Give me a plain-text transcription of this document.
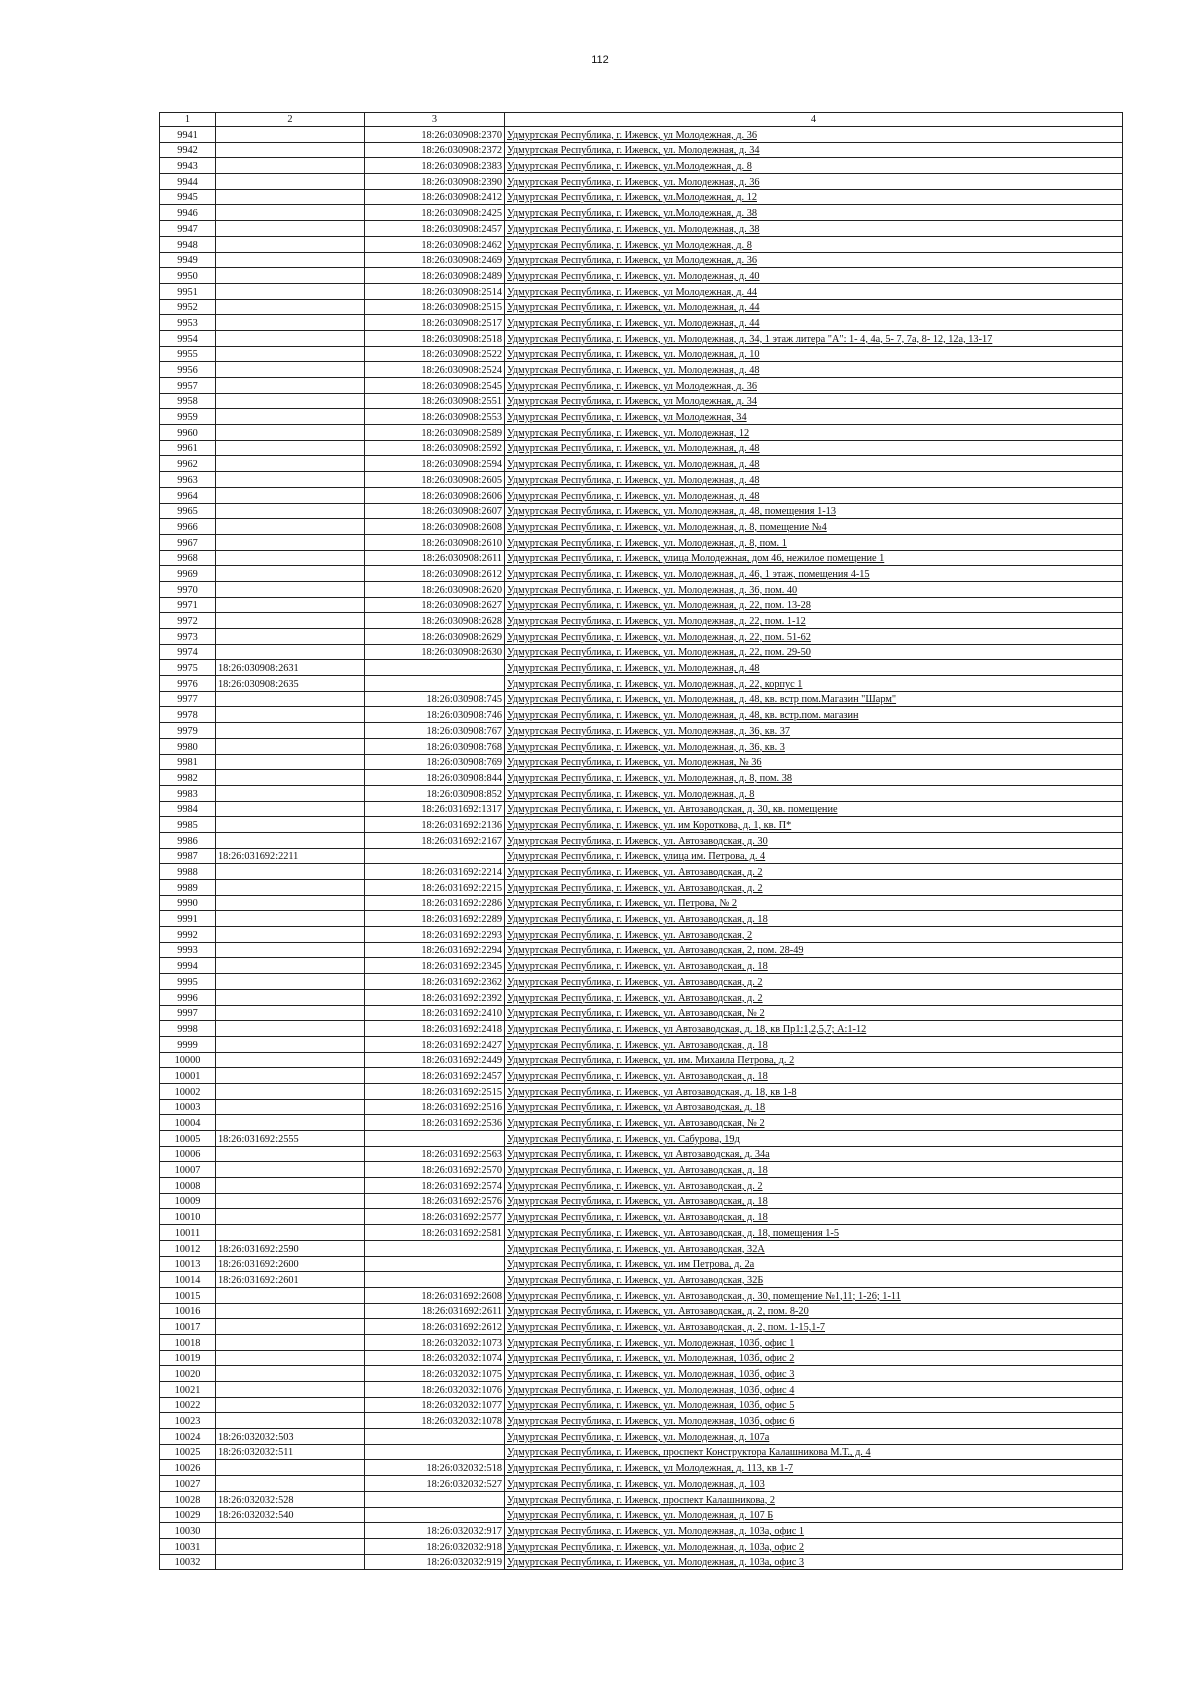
112
1	2	3	4
9941		18:26:030908:2370	Удмуртская Республика, г. Ижевск, ул Молодежная, д. 36
9942		18:26:030908:2372	Удмуртская Республика, г. Ижевск, ул. Молодежная, д. 34
9943		18:26:030908:2383	Удмуртская Республика, г. Ижевск, ул.Молодежная, д. 8
9944		18:26:030908:2390	Удмуртская Республика, г. Ижевск, ул. Молодежная, д. 36
9945		18:26:030908:2412	Удмуртская Республика, г. Ижевск, ул.Молодежная, д. 12
9946		18:26:030908:2425	Удмуртская Республика, г. Ижевск, ул.Молодежная, д. 38
9947		18:26:030908:2457	Удмуртская Республика, г. Ижевск, ул. Молодежная, д. 38
9948		18:26:030908:2462	Удмуртская Республика, г. Ижевск, ул Молодежная, д. 8
9949		18:26:030908:2469	Удмуртская Республика, г. Ижевск, ул Молодежная, д. 36
9950		18:26:030908:2489	Удмуртская Республика, г. Ижевск, ул. Молодежная, д. 40
9951		18:26:030908:2514	Удмуртская Республика, г. Ижевск, ул Молодежная, д. 44
9952		18:26:030908:2515	Удмуртская Республика, г. Ижевск, ул. Молодежная, д. 44
9953		18:26:030908:2517	Удмуртская Республика, г. Ижевск, ул. Молодежная, д. 44
9954		18:26:030908:2518	Удмуртская Республика, г. Ижевск, ул. Молодежная, д. 34, 1 этаж литера "А": 1- 4, 4а, 5- 7, 7а, 8- 12, 12а, 13-17
9955		18:26:030908:2522	Удмуртская Республика, г. Ижевск, ул. Молодежная, д. 10
9956		18:26:030908:2524	Удмуртская Республика, г. Ижевск, ул. Молодежная, д. 48
9957		18:26:030908:2545	Удмуртская Республика, г. Ижевск, ул Молодежная, д. 36
9958		18:26:030908:2551	Удмуртская Республика, г. Ижевск, ул Молодежная, д. 34
9959		18:26:030908:2553	Удмуртская Республика, г. Ижевск, ул Молодежная, 34
9960		18:26:030908:2589	Удмуртская Республика, г. Ижевск, ул. Молодежная, 12
9961		18:26:030908:2592	Удмуртская Республика, г. Ижевск, ул. Молодежная, д. 48
9962		18:26:030908:2594	Удмуртская Республика, г. Ижевск, ул. Молодежная, д. 48
9963		18:26:030908:2605	Удмуртская Республика, г. Ижевск, ул. Молодежная, д. 48
9964		18:26:030908:2606	Удмуртская Республика, г. Ижевск, ул. Молодежная, д. 48
9965		18:26:030908:2607	Удмуртская Республика, г. Ижевск, ул. Молодежная, д. 48, помещения 1-13
9966		18:26:030908:2608	Удмуртская Республика, г. Ижевск, ул. Молодежная, д. 8, помещение №4
9967		18:26:030908:2610	Удмуртская Республика, г. Ижевск, ул. Молодежная, д. 8, пом. 1
9968		18:26:030908:2611	Удмуртская Республика, г. Ижевск, улица Молодежная, дом 46, нежилое помещение 1
9969		18:26:030908:2612	Удмуртская Республика, г. Ижевск, ул. Молодежная, д. 46, 1 этаж, помещения 4-15
9970		18:26:030908:2620	Удмуртская Республика, г. Ижевск, ул. Молодежная, д. 36, пом. 40
9971		18:26:030908:2627	Удмуртская Республика, г. Ижевск, ул. Молодежная, д. 22, пом. 13-28
9972		18:26:030908:2628	Удмуртская Республика, г. Ижевск, ул. Молодежная, д. 22, пом. 1-12
9973		18:26:030908:2629	Удмуртская Республика, г. Ижевск, ул. Молодежная, д. 22, пом. 51-62
9974		18:26:030908:2630	Удмуртская Республика, г. Ижевск, ул. Молодежная, д. 22, пом. 29-50
9975	18:26:030908:2631		Удмуртская Республика, г. Ижевск, ул. Молодежная, д. 48
9976	18:26:030908:2635		Удмуртская Республика, г. Ижевск, ул. Молодежная, д. 22, корпус 1
9977		18:26:030908:745	Удмуртская Республика, г. Ижевск, ул. Молодежная, д. 48, кв. встр пом.Магазин "Шарм"
9978		18:26:030908:746	Удмуртская Республика, г. Ижевск, ул. Молодежная, д. 48, кв. встр.пом. магазин
9979		18:26:030908:767	Удмуртская Республика, г. Ижевск, ул. Молодежная, д. 36, кв. 37
9980		18:26:030908:768	Удмуртская Республика, г. Ижевск, ул. Молодежная, д. 36, кв. 3
9981		18:26:030908:769	Удмуртская Республика, г. Ижевск, ул. Молодежная, № 36
9982		18:26:030908:844	Удмуртская Республика, г. Ижевск, ул. Молодежная, д. 8, пом. 38
9983		18:26:030908:852	Удмуртская Республика, г. Ижевск, ул. Молодежная, д. 8
9984		18:26:031692:1317	Удмуртская Республика, г. Ижевск, ул. Автозаводская, д. 30, кв. помещение
9985		18:26:031692:2136	Удмуртская Республика, г. Ижевск, ул. им Короткова, д. 1, кв. П*
9986		18:26:031692:2167	Удмуртская Республика, г. Ижевск, ул. Автозаводская, д. 30
9987	18:26:031692:2211		Удмуртская Республика, г. Ижевск, улица им. Петрова, д. 4
9988		18:26:031692:2214	Удмуртская Республика, г. Ижевск, ул. Автозаводская, д. 2
9989		18:26:031692:2215	Удмуртская Республика, г. Ижевск, ул. Автозаводская, д. 2
9990		18:26:031692:2286	Удмуртская Республика, г. Ижевск, ул. Петрова, № 2
9991		18:26:031692:2289	Удмуртская Республика, г. Ижевск, ул. Автозаводская, д. 18
9992		18:26:031692:2293	Удмуртская Республика, г. Ижевск, ул. Автозаводская, 2
9993		18:26:031692:2294	Удмуртская Республика, г. Ижевск, ул. Автозаводская, 2, пом. 28-49
9994		18:26:031692:2345	Удмуртская Республика, г. Ижевск, ул. Автозаводская, д. 18
9995		18:26:031692:2362	Удмуртская Республика, г. Ижевск, ул. Автозаводская, д. 2
9996		18:26:031692:2392	Удмуртская Республика, г. Ижевск, ул. Автозаводская, д. 2
9997		18:26:031692:2410	Удмуртская Республика, г. Ижевск, ул. Автозаводская, № 2
9998		18:26:031692:2418	Удмуртская Республика, г. Ижевск, ул Автозаводская, д. 18, кв Пр1:1,2,5,7; А:1-12
9999		18:26:031692:2427	Удмуртская Республика, г. Ижевск, ул. Автозаводская, д. 18
10000		18:26:031692:2449	Удмуртская Республика, г. Ижевск, ул. им. Михаила Петрова, д. 2
10001		18:26:031692:2457	Удмуртская Республика, г. Ижевск, ул. Автозаводская, д. 18
10002		18:26:031692:2515	Удмуртская Республика, г. Ижевск, ул Автозаводская, д. 18, кв 1-8
10003		18:26:031692:2516	Удмуртская Республика, г. Ижевск, ул Автозаводская, д. 18
10004		18:26:031692:2536	Удмуртская Республика, г. Ижевск, ул. Автозаводская, № 2
10005	18:26:031692:2555		Удмуртская Республика, г. Ижевск, ул. Сабурова, 19д
10006		18:26:031692:2563	Удмуртская Республика, г. Ижевск, ул Автозаводская, д. 34а
10007		18:26:031692:2570	Удмуртская Республика, г. Ижевск, ул. Автозаводская, д. 18
10008		18:26:031692:2574	Удмуртская Республика, г. Ижевск, ул. Автозаводская, д. 2
10009		18:26:031692:2576	Удмуртская Республика, г. Ижевск, ул. Автозаводская, д. 18
10010		18:26:031692:2577	Удмуртская Республика, г. Ижевск, ул. Автозаводская, д. 18
10011		18:26:031692:2581	Удмуртская Республика, г. Ижевск, ул. Автозаводская, д. 18, помещения 1-5
10012	18:26:031692:2590		Удмуртская Республика, г. Ижевск, ул. Автозаводская, 32А
10013	18:26:031692:2600		Удмуртская Республика, г. Ижевск, ул. им Петрова, д. 2а
10014	18:26:031692:2601		Удмуртская Республика, г. Ижевск, ул. Автозаводская, 32Б
10015		18:26:031692:2608	Удмуртская Республика, г. Ижевск, ул. Автозаводская, д. 30, помещение №1,11; 1-26; 1-11
10016		18:26:031692:2611	Удмуртская Республика, г. Ижевск, ул. Автозаводская, д. 2, пом. 8-20
10017		18:26:031692:2612	Удмуртская Республика, г. Ижевск, ул. Автозаводская, д. 2, пом. 1-15,1-7
10018		18:26:032032:1073	Удмуртская Республика, г. Ижевск, ул. Молодежная, 103б, офис 1
10019		18:26:032032:1074	Удмуртская Республика, г. Ижевск, ул. Молодежная, 103б, офис 2
10020		18:26:032032:1075	Удмуртская Республика, г. Ижевск, ул. Молодежная, 103б, офис 3
10021		18:26:032032:1076	Удмуртская Республика, г. Ижевск, ул. Молодежная, 103б, офис 4
10022		18:26:032032:1077	Удмуртская Республика, г. Ижевск, ул. Молодежная, 103б, офис 5
10023		18:26:032032:1078	Удмуртская Республика, г. Ижевск, ул. Молодежная, 103б, офис 6
10024	18:26:032032:503		Удмуртская Республика, г. Ижевск, ул. Молодежная, д. 107а
10025	18:26:032032:511		Удмуртская Республика, г. Ижевск, проспект Конструктора Калашникова М.Т., д. 4
10026		18:26:032032:518	Удмуртская Республика, г. Ижевск, ул Молодежная, д. 113, кв 1-7
10027		18:26:032032:527	Удмуртская Республика, г. Ижевск, ул. Молодежная, д. 103
10028	18:26:032032:528		Удмуртская Республика, г. Ижевск, проспект Калашникова, 2
10029	18:26:032032:540		Удмуртская Республика, г. Ижевск, ул. Молодежная, д. 107 Б
10030		18:26:032032:917	Удмуртская Республика, г. Ижевск, ул. Молодежная, д. 103а, офис 1
10031		18:26:032032:918	Удмуртская Республика, г. Ижевск, ул. Молодежная, д. 103а, офис 2
10032		18:26:032032:919	Удмуртская Республика, г. Ижевск, ул. Молодежная, д. 103а, офис 3
